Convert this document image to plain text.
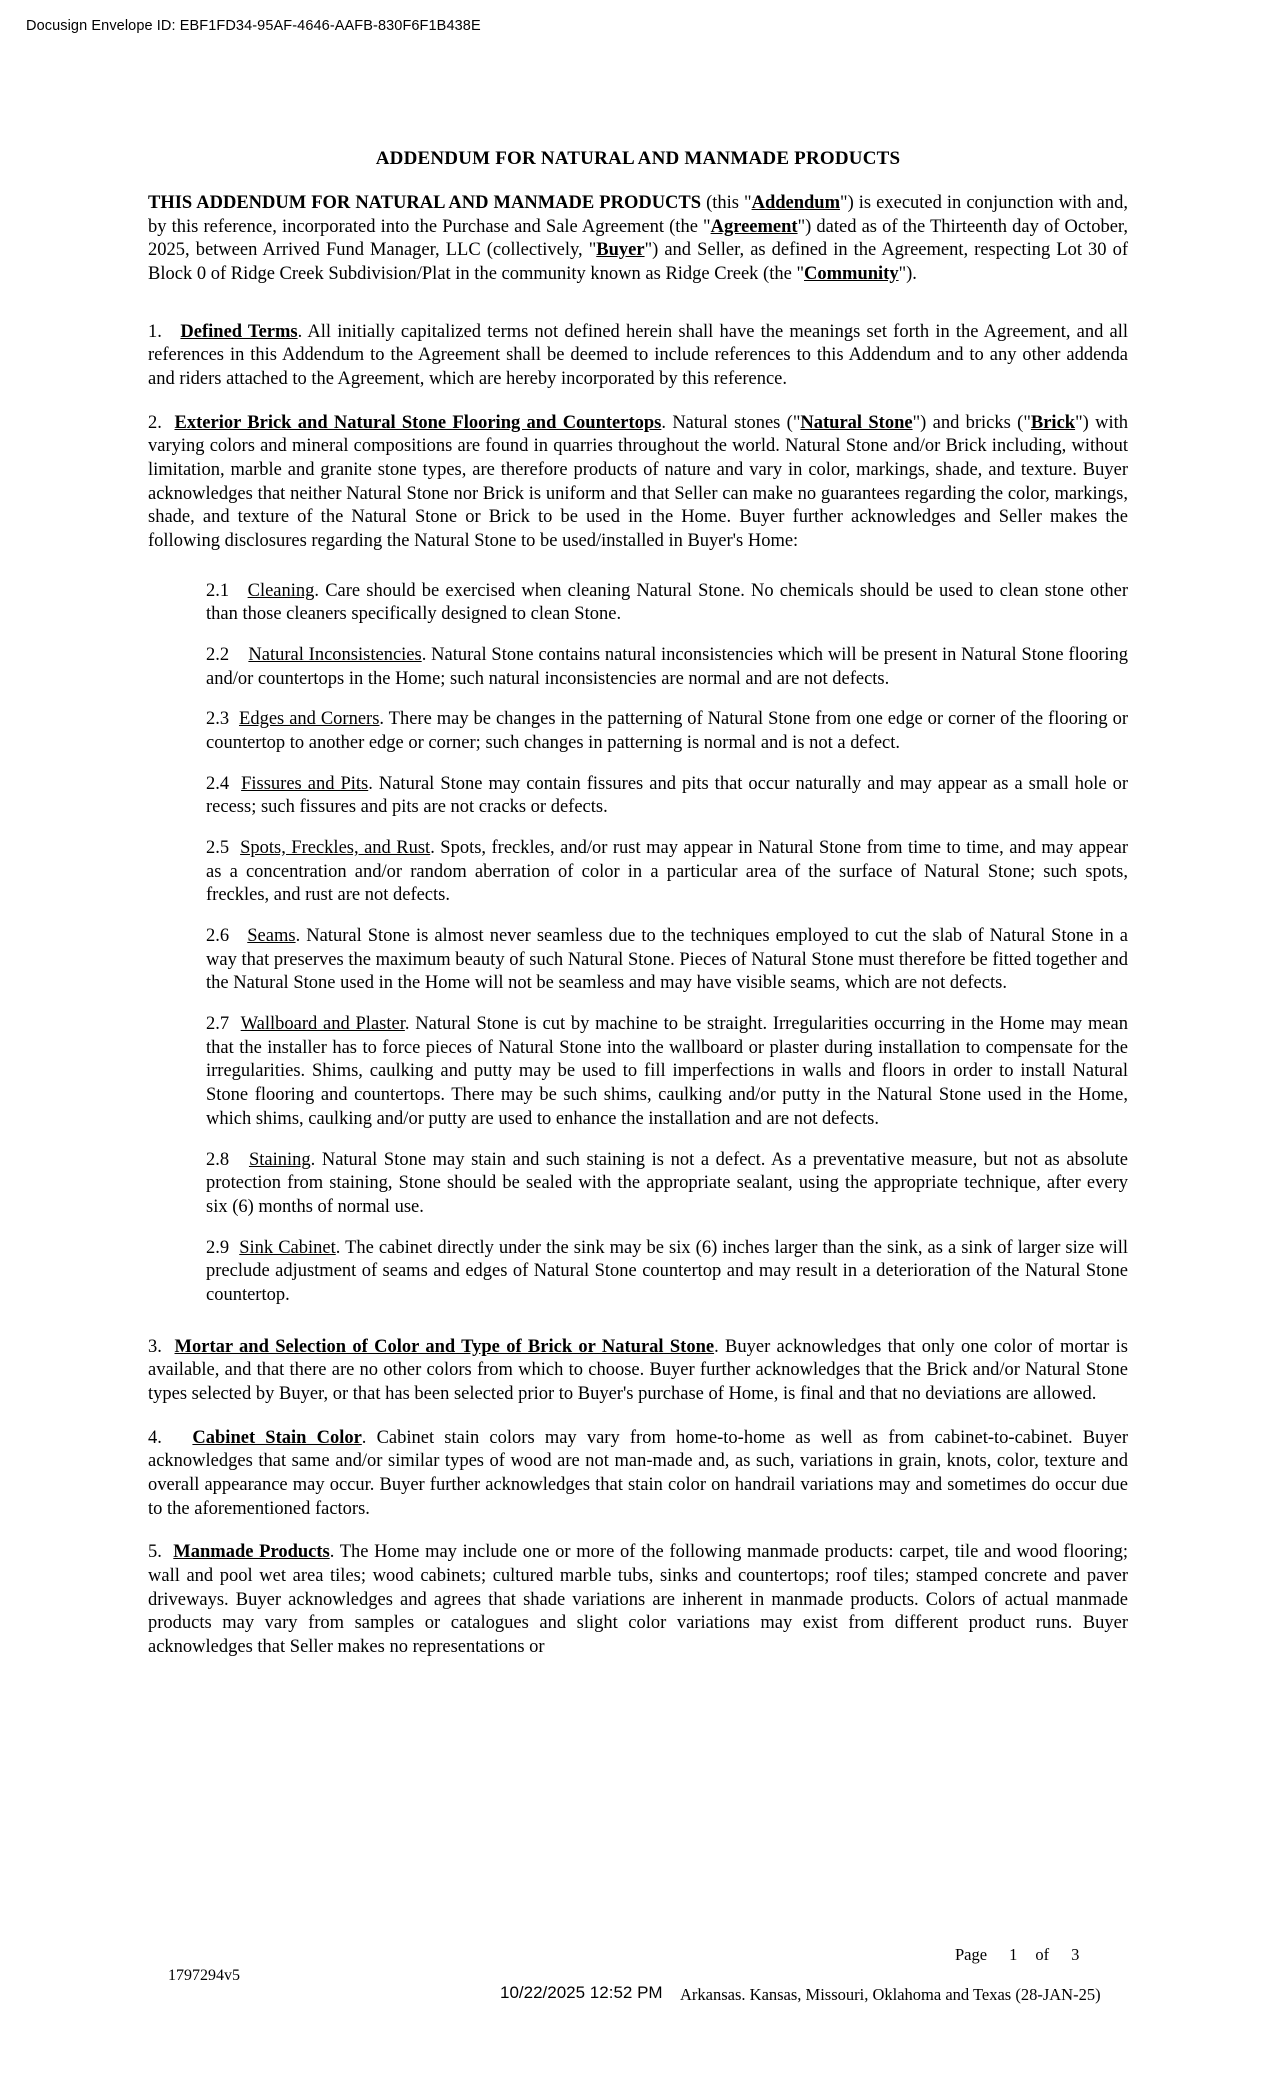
Docusign Envelope ID: EBF1FD34-95AF-4646-AAFB-830F6F1B438E
ADDENDUM FOR NATURAL AND MANMADE PRODUCTS

THIS ADDENDUM FOR NATURAL AND MANMADE PRODUCTS (this "Addendum") is executed in conjunction with and, by this reference, incorporated into the Purchase and Sale Agreement (the "Agreement") dated as of the Thirteenth day of October, 2025, between Arrived Fund Manager, LLC (collectively, "Buyer") and Seller, as defined in the Agreement, respecting Lot 30 of Block 0 of Ridge Creek Subdivision/Plat in the community known as Ridge Creek (the "Community").

1. Defined Terms. All initially capitalized terms not defined herein shall have the meanings set forth in the Agreement, and all references in this Addendum to the Agreement shall be deemed to include references to this Addendum and to any other addenda and riders attached to the Agreement, which are hereby incorporated by this reference.

2. Exterior Brick and Natural Stone Flooring and Countertops. Natural stones ("Natural Stone") and bricks ("Brick") with varying colors and mineral compositions are found in quarries throughout the world. Natural Stone and/or Brick including, without limitation, marble and granite stone types, are therefore products of nature and vary in color, markings, shade, and texture. Buyer acknowledges that neither Natural Stone nor Brick is uniform and that Seller can make no guarantees regarding the color, markings, shade, and texture of the Natural Stone or Brick to be used in the Home. Buyer further acknowledges and Seller makes the following disclosures regarding the Natural Stone to be used/installed in Buyer's Home:

2.1 Cleaning. Care should be exercised when cleaning Natural Stone. No chemicals should be used to clean stone other than those cleaners specifically designed to clean Stone.

2.2 Natural Inconsistencies. Natural Stone contains natural inconsistencies which will be present in Natural Stone flooring and/or countertops in the Home; such natural inconsistencies are normal and are not defects.

2.3 Edges and Corners. There may be changes in the patterning of Natural Stone from one edge or corner of the flooring or countertop to another edge or corner; such changes in patterning is normal and is not a defect.

2.4 Fissures and Pits. Natural Stone may contain fissures and pits that occur naturally and may appear as a small hole or recess; such fissures and pits are not cracks or defects.

2.5 Spots, Freckles, and Rust. Spots, freckles, and/or rust may appear in Natural Stone from time to time, and may appear as a concentration and/or random aberration of color in a particular area of the surface of Natural Stone; such spots, freckles, and rust are not defects.

2.6 Seams. Natural Stone is almost never seamless due to the techniques employed to cut the slab of Natural Stone in a way that preserves the maximum beauty of such Natural Stone. Pieces of Natural Stone must therefore be fitted together and the Natural Stone used in the Home will not be seamless and may have visible seams, which are not defects.

2.7 Wallboard and Plaster. Natural Stone is cut by machine to be straight. Irregularities occurring in the Home may mean that the installer has to force pieces of Natural Stone into the wallboard or plaster during installation to compensate for the irregularities. Shims, caulking and putty may be used to fill imperfections in walls and floors in order to install Natural Stone flooring and countertops. There may be such shims, caulking and/or putty in the Natural Stone used in the Home, which shims, caulking and/or putty are used to enhance the installation and are not defects.

2.8 Staining. Natural Stone may stain and such staining is not a defect. As a preventative measure, but not as absolute protection from staining, Stone should be sealed with the appropriate sealant, using the appropriate technique, after every six (6) months of normal use.

2.9 Sink Cabinet. The cabinet directly under the sink may be six (6) inches larger than the sink, as a sink of larger size will preclude adjustment of seams and edges of Natural Stone countertop and may result in a deterioration of the Natural Stone countertop.

3. Mortar and Selection of Color and Type of Brick or Natural Stone. Buyer acknowledges that only one color of mortar is available, and that there are no other colors from which to choose. Buyer further acknowledges that the Brick and/or Natural Stone types selected by Buyer, or that has been selected prior to Buyer's purchase of Home, is final and that no deviations are allowed.

4. Cabinet Stain Color. Cabinet stain colors may vary from home-to-home as well as from cabinet-to-cabinet. Buyer acknowledges that same and/or similar types of wood are not man-made and, as such, variations in grain, knots, color, texture and overall appearance may occur. Buyer further acknowledges that stain color on handrail variations may and sometimes do occur due to the aforementioned factors.

5. Manmade Products. The Home may include one or more of the following manmade products: carpet, tile and wood flooring; wall and pool wet area tiles; wood cabinets; cultured marble tubs, sinks and countertops; roof tiles; stamped concrete and paver driveways. Buyer acknowledges and agrees that shade variations are inherent in manmade products. Colors of actual manmade products may vary from samples or catalogues and slight color variations may exist from different product runs. Buyer acknowledges that Seller makes no representations or

1797294v5
Page 1 of 3
10/22/2025 12:52 PM Arkansas. Kansas, Missouri, Oklahoma and Texas (28-JAN-25)
